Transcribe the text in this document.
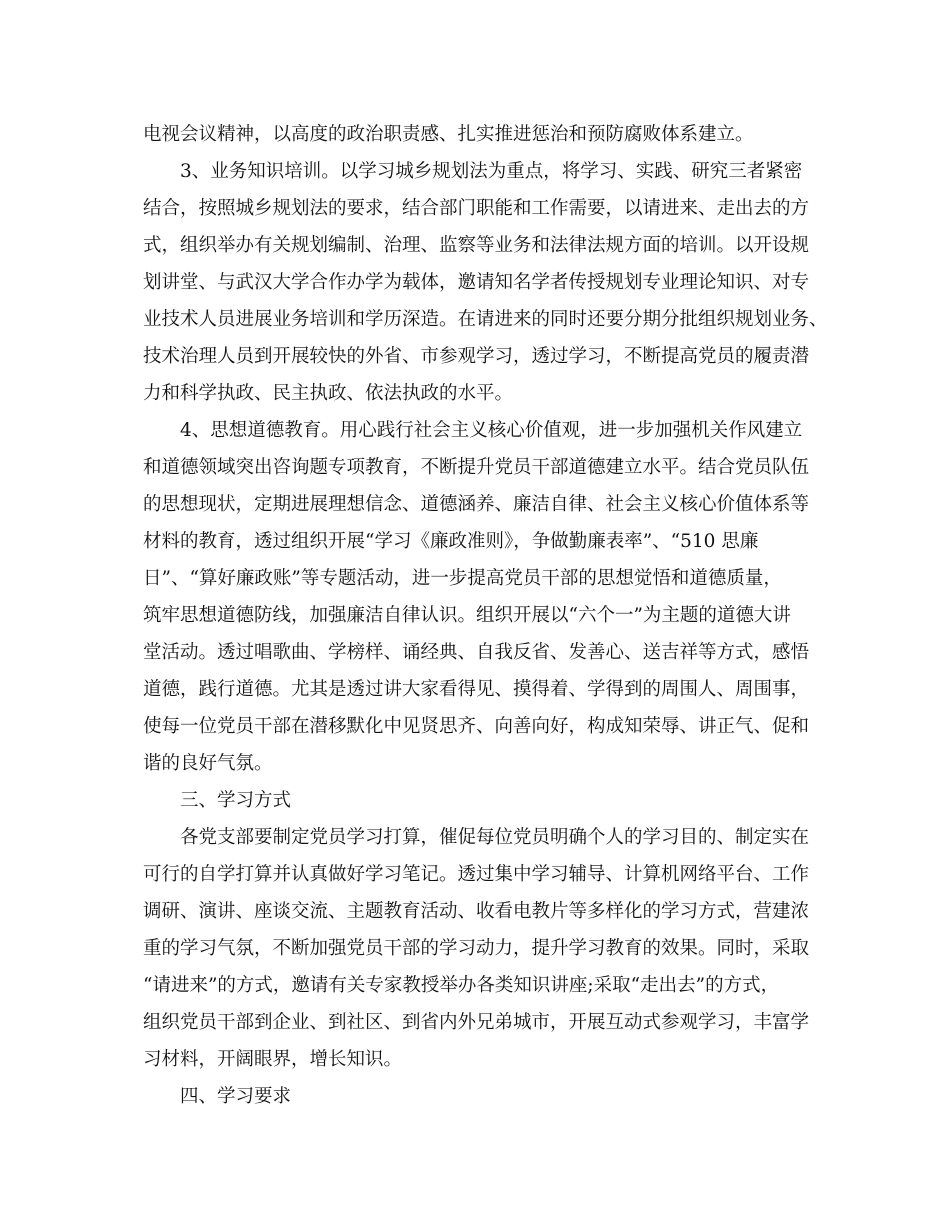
电视会议精神，以高度的政治职责感、扎实推进惩治和预防腐败体系建立。
3、业务知识培训。以学习城乡规划法为重点，将学习、实践、研究三者紧密
结合，按照城乡规划法的要求，结合部门职能和工作需要，以请进来、走出去的方
式，组织举办有关规划编制、治理、监察等业务和法律法规方面的培训。以开设规
划讲堂、与武汉大学合作办学为载体，邀请知名学者传授规划专业理论知识、对专
业技术人员进展业务培训和学历深造。在请进来的同时还要分期分批组织规划业务、
技术治理人员到开展较快的外省、市参观学习，透过学习，不断提高党员的履责潜
力和科学执政、民主执政、依法执政的水平。
4、思想道德教育。用心践行社会主义核心价值观，进一步加强机关作风建立
和道德领域突出咨询题专项教育，不断提升党员干部道德建立水平。结合党员队伍
的思想现状，定期进展理想信念、道德涵养、廉洁自律、社会主义核心价值体系等
材料的教育，透过组织开展“学习《廉政准则》，争做勤廉表率”、“510 思廉
日”、“算好廉政账”等专题活动，进一步提高党员干部的思想觉悟和道德质量，
筑牢思想道德防线，加强廉洁自律认识。组织开展以“六个一”为主题的道德大讲
堂活动。透过唱歌曲、学榜样、诵经典、自我反省、发善心、送吉祥等方式，感悟
道德，践行道德。尤其是透过讲大家看得见、摸得着、学得到的周围人、周围事，
使每一位党员干部在潜移默化中见贤思齐、向善向好，构成知荣辱、讲正气、促和
谐的良好气氛。
三、学习方式
各党支部要制定党员学习打算，催促每位党员明确个人的学习目的、制定实在
可行的自学打算并认真做好学习笔记。透过集中学习辅导、计算机网络平台、工作
调研、演讲、座谈交流、主题教育活动、收看电教片等多样化的学习方式，营建浓
重的学习气氛，不断加强党员干部的学习动力，提升学习教育的效果。同时，采取
“请进来”的方式，邀请有关专家教授举办各类知识讲座;采取“走出去”的方式，
组织党员干部到企业、到社区、到省内外兄弟城市，开展互动式参观学习，丰富学
习材料，开阔眼界，增长知识。
四、学习要求
